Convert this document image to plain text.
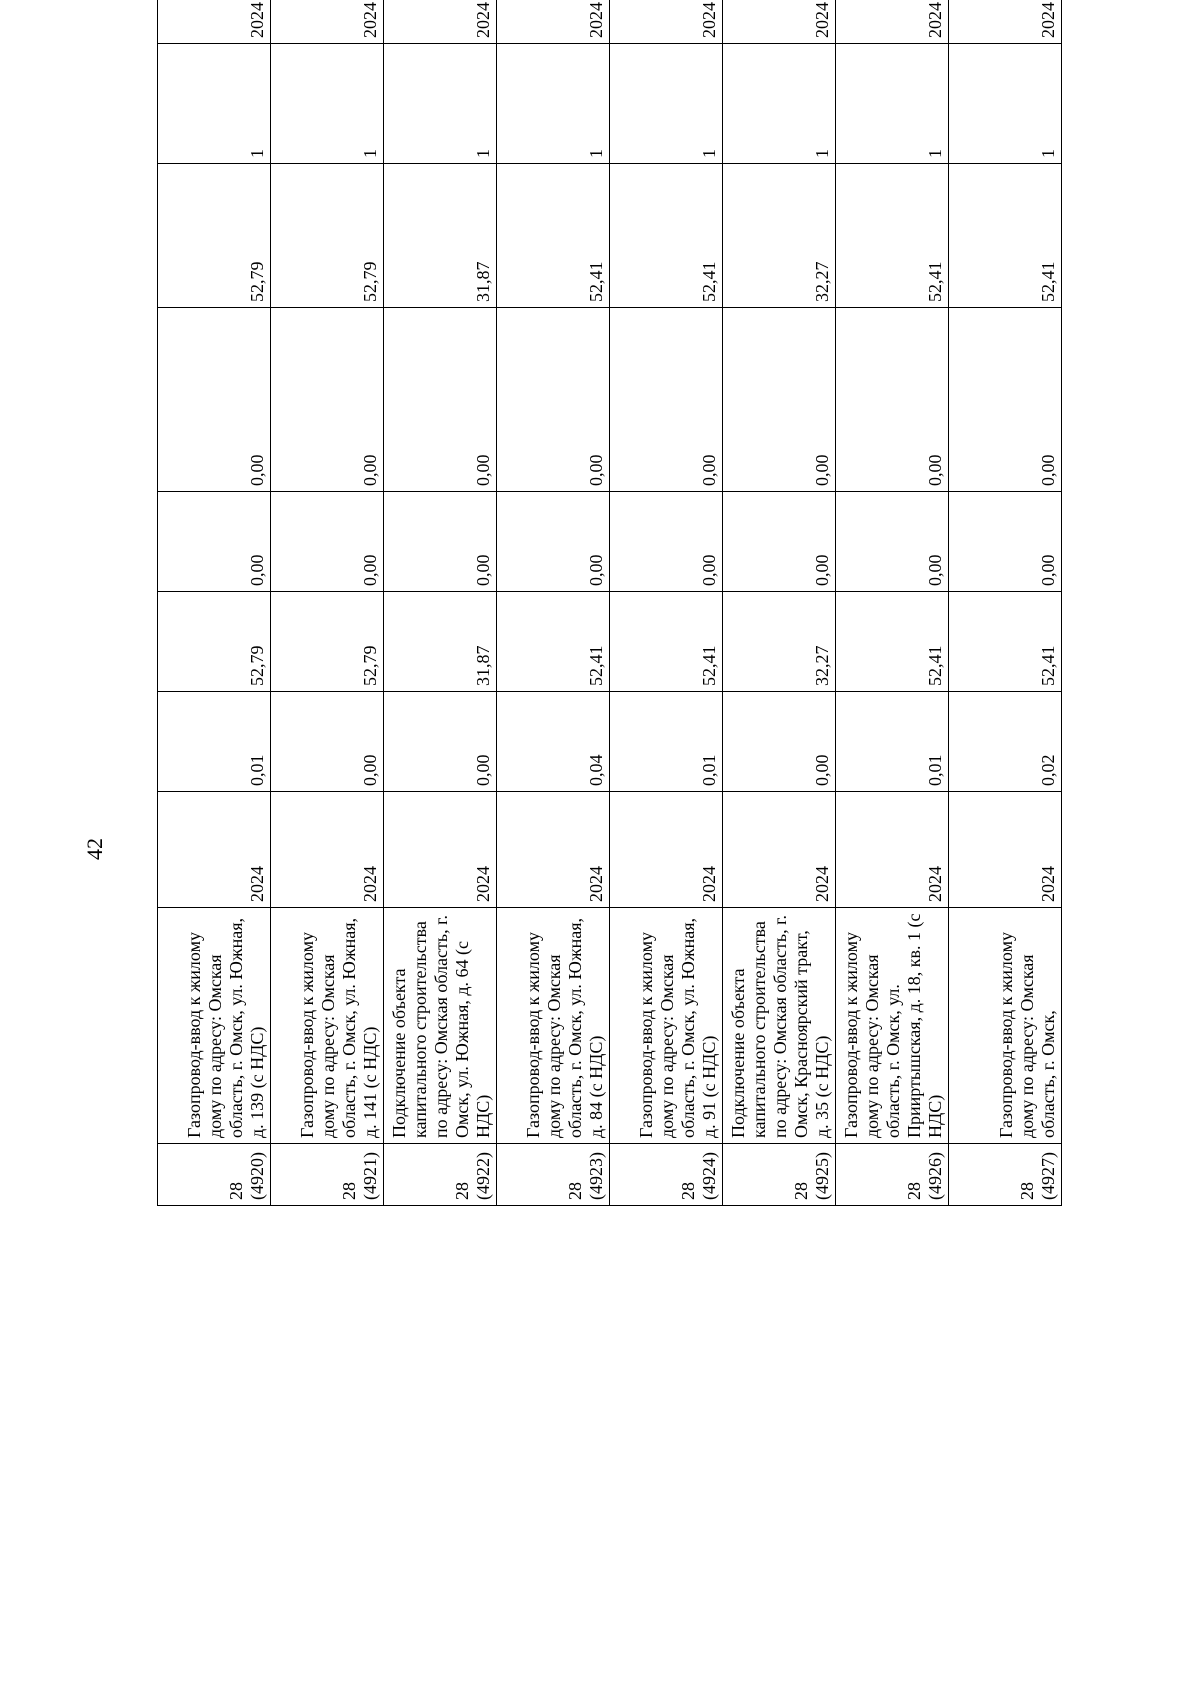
42
28
(4920)	Газопровод-ввод к жилому дому по адресу: Омская область, г. Омск, ул. Южная, д. 139 (с НДС)	2024	0,01	52,79	0,00	0,00	52,79	1	2024	
28
(4921)	Газопровод-ввод к жилому дому по адресу: Омская область, г. Омск, ул. Южная, д. 141 (с НДС)	2024	0,00	52,79	0,00	0,00	52,79	1	2024	
28
(4922)	Подключение объекта капитального строительства по адресу: Омская область, г. Омск, ул. Южная, д. 64 (с НДС)	2024	0,00	31,87	0,00	0,00	31,87	1	2024	
28
(4923)	Газопровод-ввод к жилому дому по адресу: Омская область, г. Омск, ул. Южная, д. 84 (с НДС)	2024	0,04	52,41	0,00	0,00	52,41	1	2024	
28
(4924)	Газопровод-ввод к жилому дому по адресу: Омская область, г. Омск, ул. Южная, д. 91 (с НДС)	2024	0,01	52,41	0,00	0,00	52,41	1	2024	
28
(4925)	Подключение объекта капитального строительства по адресу: Омская область, г. Омск, Красноярский тракт, д. 35 (с НДС)	2024	0,00	32,27	0,00	0,00	32,27	1	2024	
28
(4926)	Газопровод-ввод к жилому дому по адресу: Омская область, г. Омск, ул. Прииртышская, д. 18, кв. 1 (с НДС)	2024	0,01	52,41	0,00	0,00	52,41	1	2024	
28
(4927)	Газопровод-ввод к жилому дому по адресу: Омская область, г. Омск,	2024	0,02	52,41	0,00	0,00	52,41	1	2024	
